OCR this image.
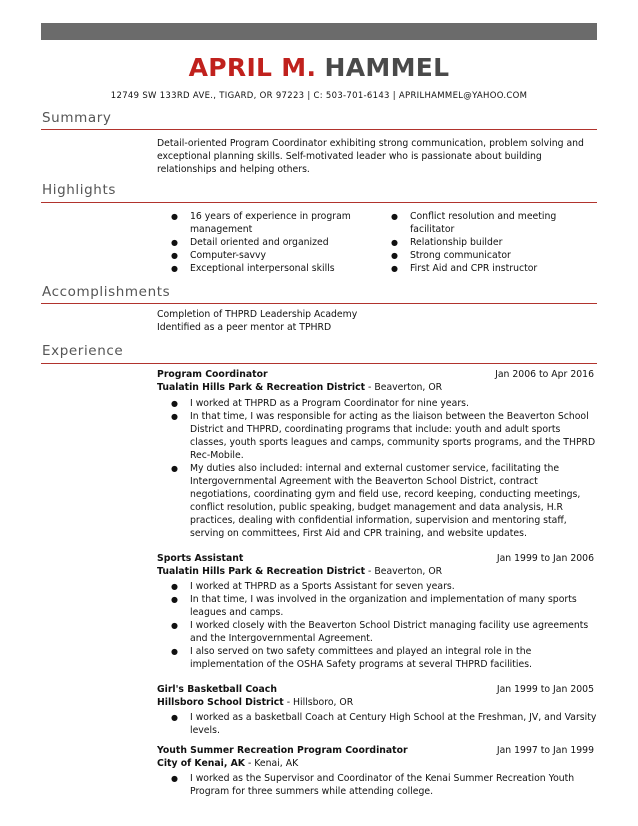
APRIL M. HAMMEL
12749 SW 133RD AVE., TIGARD, OR 97223 | C: 503-701-6143 | APRILHAMMEL@YAHOO.COM
Summary

Detail-oriented Program Coordinator exhibiting strong communication, problem solving and exceptional planning skills. Self-motivated leader who is passionate about building relationships and helping others.

Highlights
● 16 years of experience in program management
● Detail oriented and organized
● Computer-savvy
● Exceptional interpersonal skills
● Conflict resolution and meeting facilitator
● Relationship builder
● Strong communicator
● First Aid and CPR instructor
Accomplishments
Completion of THPRD Leadership Academy
Identified as a peer mentor at TPHRD
Experience
Program Coordinator	Jan 2006 to Apr 2016
Tualatin Hills Park & Recreation District - Beaverton, OR
● I worked at THPRD as a Program Coordinator for nine years.
● In that time, I was responsible for acting as the liaison between the Beaverton School District and THPRD, coordinating programs that include: youth and adult sports classes, youth sports leagues and camps, community sports programs, and the THPRD Rec-Mobile.
● My duties also included: internal and external customer service, facilitating the Intergovernmental Agreement with the Beaverton School District, contract negotiations, coordinating gym and field use, record keeping, conducting meetings, conflict resolution, public speaking, budget management and data analysis, H.R practices, dealing with confidential information, supervision and mentoring staff, serving on committees, First Aid and CPR training, and website updates.
Sports Assistant	Jan 1999 to Jan 2006
Tualatin Hills Park & Recreation District - Beaverton, OR
● I worked at THPRD as a Sports Assistant for seven years.
● In that time, I was involved in the organization and implementation of many sports leagues and camps.
● I worked closely with the Beaverton School District managing facility use agreements and the Intergovernmental Agreement.
● I also served on two safety committees and played an integral role in the implementation of the OSHA Safety programs at several THPRD facilities.
Girl's Basketball Coach	Jan 1999 to Jan 2005
Hillsboro School District - Hillsboro, OR
● I worked as a basketball Coach at Century High School at the Freshman, JV, and Varsity levels.
Youth Summer Recreation Program Coordinator	Jan 1997 to Jan 1999
City of Kenai, AK - Kenai, AK
● I worked as the Supervisor and Coordinator of the Kenai Summer Recreation Youth Program for three summers while attending college.
